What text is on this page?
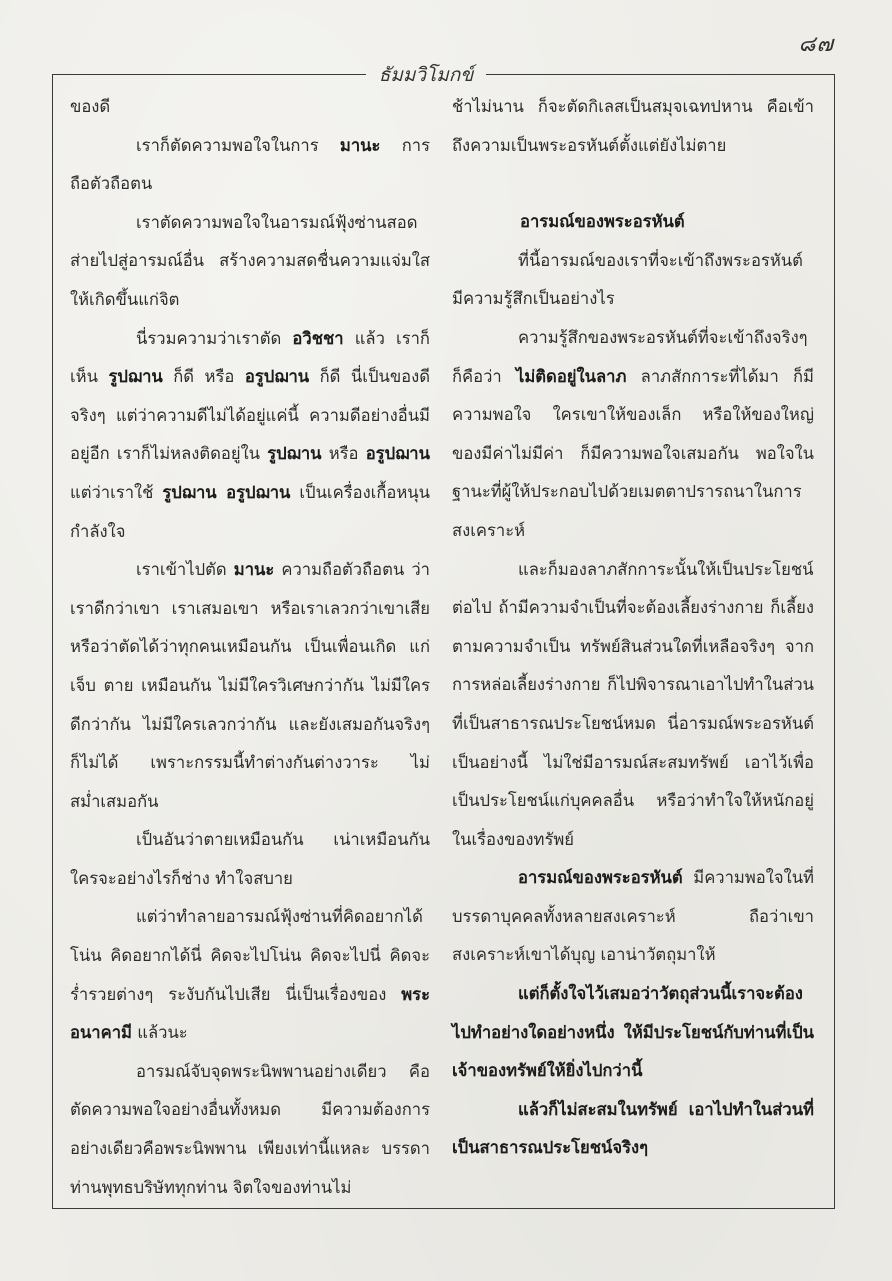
๘๗
ธัมมวิโมกข์

ของดี

เราก็ตัดความพอใจในการ มานะ การถือตัวถือตน

เราตัดความพอใจในอารมณ์ฟุ้งซ่านสอดส่ายไปสู่อารมณ์อื่น สร้างความสดชื่นความแจ่มใสให้เกิดขึ้นแก่จิต

นี่รวมความว่าเราตัด อวิชชา แล้ว เราก็เห็น รูปฌาน ก็ดี หรือ อรูปฌาน ก็ดี นี่เป็นของดีจริงๆ แต่ว่าความดีไม่ได้อยู่แค่นี้ ความดีอย่างอื่นมีอยู่อีก เราก็ไม่หลงติดอยู่ใน รูปฌาน หรือ อรูปฌาน แต่ว่าเราใช้ รูปฌาน อรูปฌาน เป็นเครื่องเกื้อหนุนกำลังใจ

เราเข้าไปตัด มานะ ความถือตัวถือตน ว่าเราดีกว่าเขา เราเสมอเขา หรือเราเลวกว่าเขาเสีย หรือว่าตัดได้ว่าทุกคนเหมือนกัน เป็นเพื่อนเกิด แก่ เจ็บ ตาย เหมือนกัน ไม่มีใครวิเศษกว่ากัน ไม่มีใครดีกว่ากัน ไม่มีใครเลวกว่ากัน และยังเสมอกันจริงๆ ก็ไม่ได้ เพราะกรรมนี้ทำต่างกันต่างวาระ ไม่สม่ำเสมอกัน

เป็นอันว่าตายเหมือนกัน เน่าเหมือนกัน ใครจะอย่างไรก็ช่าง ทำใจสบาย

แต่ว่าทำลายอารมณ์ฟุ้งซ่านที่คิดอยากได้โน่น คิดอยากได้นี่ คิดจะไปโน่น คิดจะไปนี่ คิดจะร่ำรวยต่างๆ ระงับกันไปเสีย นี่เป็นเรื่องของ พระอนาคามี แล้วนะ

อารมณ์จับจุดพระนิพพานอย่างเดียว คือตัดความพอใจอย่างอื่นทั้งหมด มีความต้องการอย่างเดียวคือพระนิพพาน เพียงเท่านี้แหละ บรรดาท่านพุทธบริษัททุกท่าน จิตใจของท่านไม่

ช้าไม่นาน ก็จะตัดกิเลสเป็นสมุจเฉทปหาน คือเข้าถึงความเป็นพระอรหันต์ตั้งแต่ยังไม่ตาย

อารมณ์ของพระอรหันต์

ที่นี้อารมณ์ของเราที่จะเข้าถึงพระอรหันต์ มีความรู้สึกเป็นอย่างไร

ความรู้สึกของพระอรหันต์ที่จะเข้าถึงจริงๆ ก็คือว่า ไม่ติดอยู่ในลาภ ลาภสักการะที่ได้มา ก็มีความพอใจ ใครเขาให้ของเล็ก หรือให้ของใหญ่ ของมีค่าไม่มีค่า ก็มีความพอใจเสมอกัน พอใจในฐานะที่ผู้ให้ประกอบไปด้วยเมตตาปรารถนาในการสงเคราะห์

และก็มองลาภสักการะนั้นให้เป็นประโยชน์ต่อไป ถ้ามีความจำเป็นที่จะต้องเลี้ยงร่างกาย ก็เลี้ยงตามความจำเป็น ทรัพย์สินส่วนใดที่เหลือจริงๆ จากการหล่อเลี้ยงร่างกาย ก็ไปพิจารณาเอาไปทำในส่วนที่เป็นสาธารณประโยชน์หมด นี่อารมณ์พระอรหันต์เป็นอย่างนี้ ไม่ใช่มีอารมณ์สะสมทรัพย์ เอาไว้เพื่อเป็นประโยชน์แก่บุคคลอื่น หรือว่าทำใจให้หนักอยู่ในเรื่องของทรัพย์

อารมณ์ของพระอรหันต์ มีความพอใจในที่บรรดาบุคคลทั้งหลายสงเคราะห์ ถือว่าเขาสงเคราะห์เขาได้บุญ เอาน่าวัตถุมาให้

แต่ก็ตั้งใจไว้เสมอว่าวัตถุส่วนนี้เราจะต้องไปทำอย่างใดอย่างหนึ่ง ให้มีประโยชน์กับท่านที่เป็นเจ้าของทรัพย์ให้ยิ่งไปกว่านี้

แล้วก็ไม่สะสมในทรัพย์ เอาไปทำในส่วนที่เป็นสาธารณประโยชน์จริงๆ
